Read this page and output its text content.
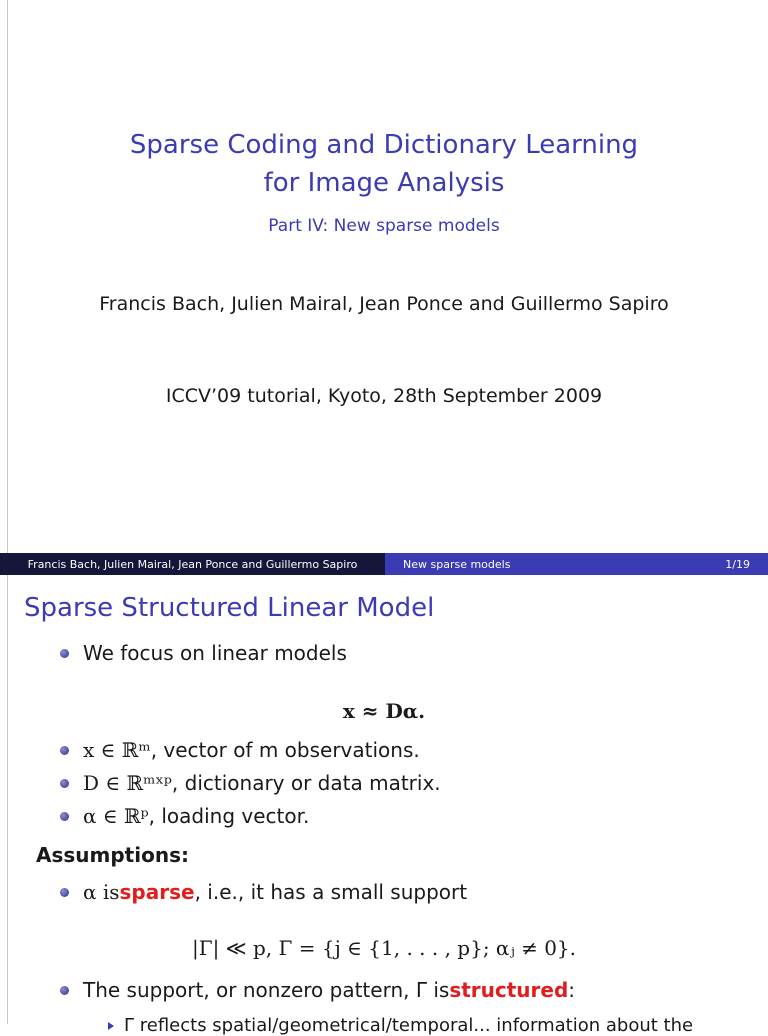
Sparse Coding and Dictionary Learning
for Image Analysis
Part IV: New sparse models
Francis Bach, Julien Mairal, Jean Ponce and Guillermo Sapiro
ICCV’09 tutorial, Kyoto, 28th September 2009
Francis Bach, Julien Mairal, Jean Ponce and Guillermo Sapiro	New sparse models	1/19
Sparse Structured Linear Model
We focus on linear models
x ≈ Dα.
x ∈ ℝᵐ , vector of m observations.
D ∈ ℝᵐˣᵖ , dictionary or data matrix.
α ∈ ℝᵖ , loading vector.
Assumptions:
α is sparse , i.e., it has a small support
|Γ| ≪ p, Γ = {j ∈ {1, . . . , p}; αⱼ ≠ 0}.
The support, or nonzero pattern, Γ is structured :
Γ reflects spatial/geometrical/temporal... information about the
